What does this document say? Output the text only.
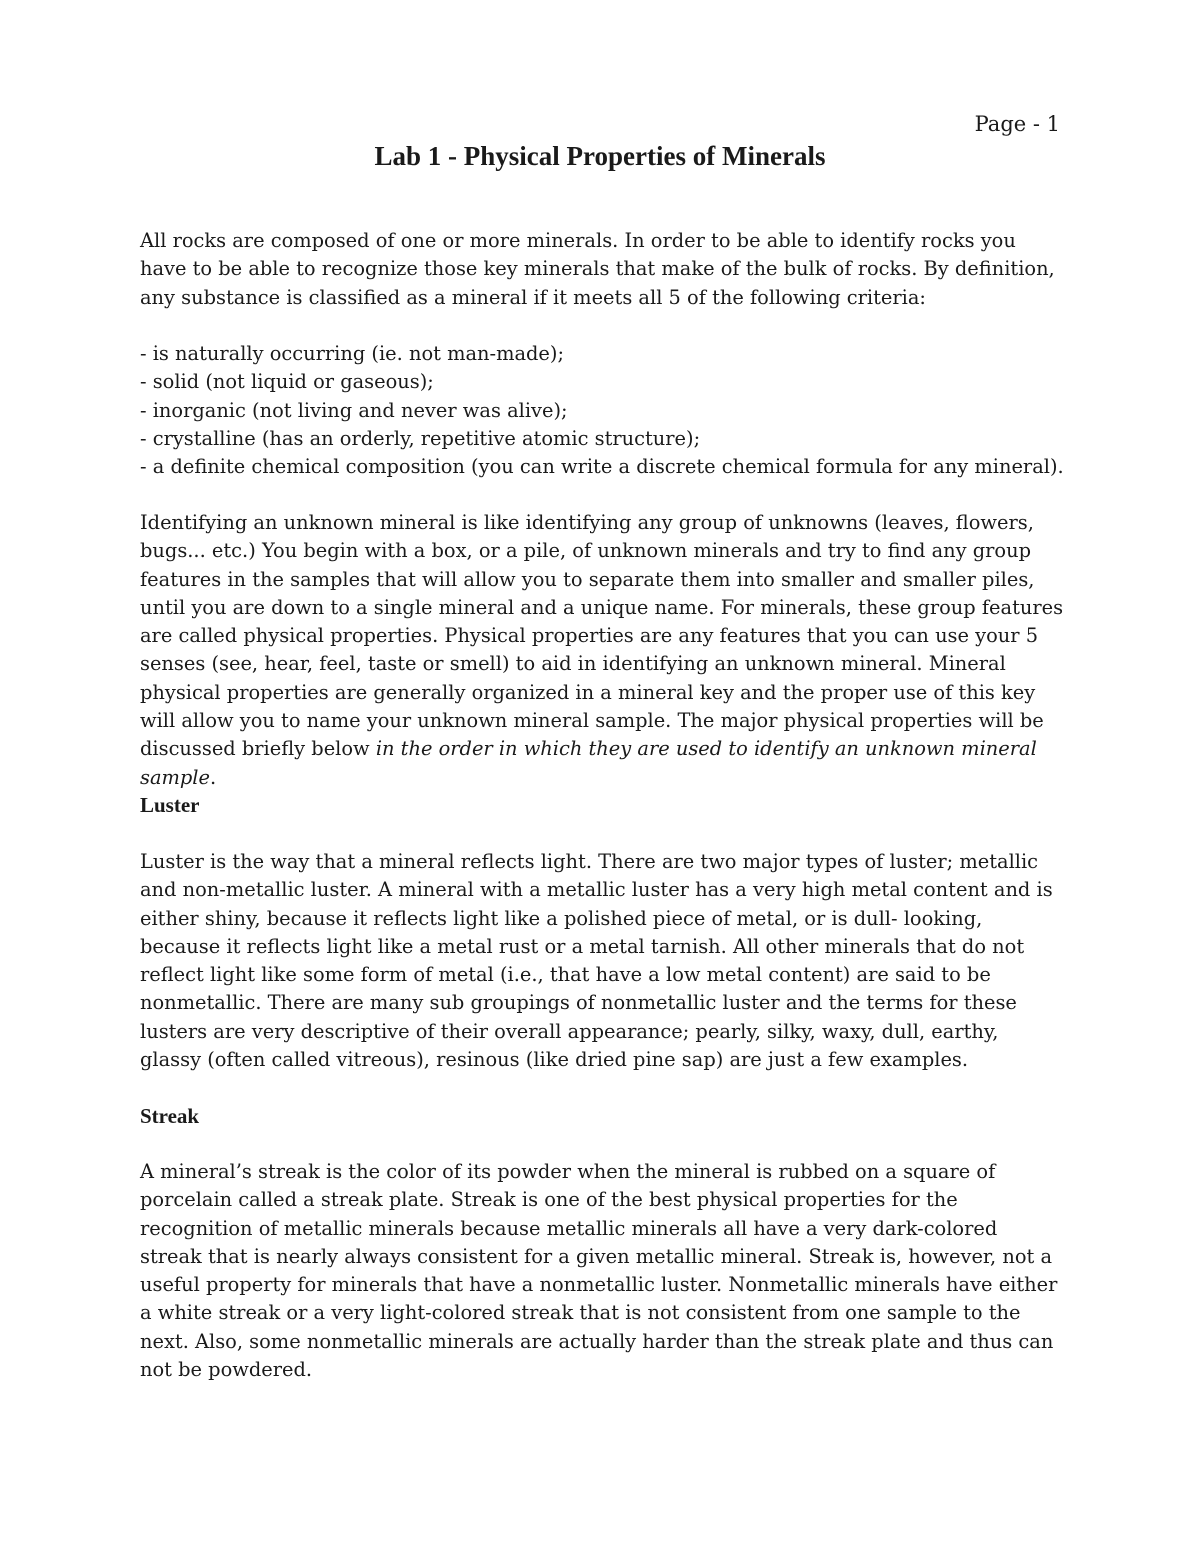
Page - 1
Lab 1 - Physical Properties of Minerals

All rocks are composed of one or more minerals. In order to be able to identify rocks you have to be able to recognize those key minerals that make of the bulk of rocks. By definition, any substance is classified as a mineral if it meets all 5 of the following criteria:

- is naturally occurring (ie. not man-made);
- solid (not liquid or gaseous);
- inorganic (not living and never was alive);
- crystalline (has an orderly, repetitive atomic structure);
- a definite chemical composition (you can write a discrete chemical formula for any mineral).

Identifying an unknown mineral is like identifying any group of unknowns (leaves, flowers, bugs... etc.) You begin with a box, or a pile, of unknown minerals and try to find any group features in the samples that will allow you to separate them into smaller and smaller piles, until you are down to a single mineral and a unique name. For minerals, these group features are called physical properties. Physical properties are any features that you can use your 5 senses (see, hear, feel, taste or smell) to aid in identifying an unknown mineral. Mineral physical properties are generally organized in a mineral key and the proper use of this key will allow you to name your unknown mineral sample. The major physical properties will be discussed briefly below in the order in which they are used to identify an unknown mineral sample.

Luster

Luster is the way that a mineral reflects light. There are two major types of luster; metallic and non-metallic luster. A mineral with a metallic luster has a very high metal content and is either shiny, because it reflects light like a polished piece of metal, or is dull- looking, because it reflects light like a metal rust or a metal tarnish. All other minerals that do not reflect light like some form of metal (i.e., that have a low metal content) are said to be nonmetallic. There are many sub groupings of nonmetallic luster and the terms for these lusters are very descriptive of their overall appearance; pearly, silky, waxy, dull, earthy, glassy (often called vitreous), resinous (like dried pine sap) are just a few examples.

Streak

A mineral’s streak is the color of its powder when the mineral is rubbed on a square of porcelain called a streak plate. Streak is one of the best physical properties for the recognition of metallic minerals because metallic minerals all have a very dark-colored streak that is nearly always consistent for a given metallic mineral. Streak is, however, not a useful property for minerals that have a nonmetallic luster. Nonmetallic minerals have either a white streak or a very light-colored streak that is not consistent from one sample to the next. Also, some nonmetallic minerals are actually harder than the streak plate and thus can not be powdered.
